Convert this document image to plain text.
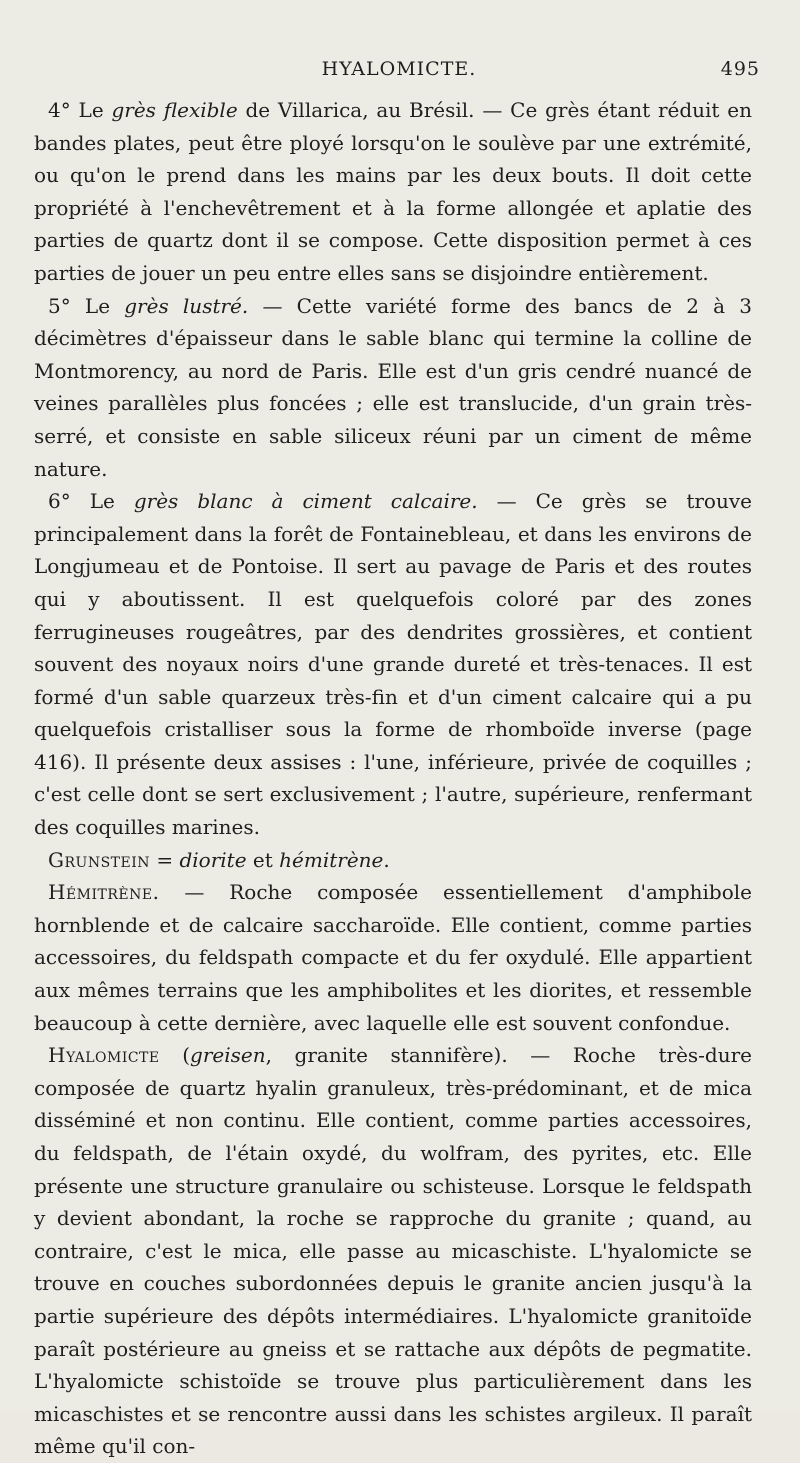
HYALOMICTE.	495

4° Le grès flexible de Villarica, au Brésil. — Ce grès étant réduit en bandes plates, peut être ployé lorsqu'on le soulève par une extrémité, ou qu'on le prend dans les mains par les deux bouts. Il doit cette propriété à l'enchevêtrement et à la forme allongée et aplatie des parties de quartz dont il se compose. Cette disposition permet à ces parties de jouer un peu entre elles sans se disjoindre entièrement.

5° Le grès lustré. — Cette variété forme des bancs de 2 à 3 décimètres d'épaisseur dans le sable blanc qui termine la colline de Montmorency, au nord de Paris. Elle est d'un gris cendré nuancé de veines parallèles plus foncées ; elle est translucide, d'un grain très-serré, et consiste en sable siliceux réuni par un ciment de même nature.

6° Le grès blanc à ciment calcaire. — Ce grès se trouve principalement dans la forêt de Fontainebleau, et dans les environs de Longjumeau et de Pontoise. Il sert au pavage de Paris et des routes qui y aboutissent. Il est quelquefois coloré par des zones ferrugineuses rougeâtres, par des dendrites grossières, et contient souvent des noyaux noirs d'une grande dureté et très-tenaces. Il est formé d'un sable quarzeux très-fin et d'un ciment calcaire qui a pu quelquefois cristalliser sous la forme de rhomboïde inverse (page 416). Il présente deux assises : l'une, inférieure, privée de coquilles ; c'est celle dont se sert exclusivement ; l'autre, supérieure, renfermant des coquilles marines.

Grunstein = diorite et hémitrène.

Hémitrène. — Roche composée essentiellement d'amphibole hornblende et de calcaire saccharoïde. Elle contient, comme parties accessoires, du feldspath compacte et du fer oxydulé. Elle appartient aux mêmes terrains que les amphibolites et les diorites, et ressemble beaucoup à cette dernière, avec laquelle elle est souvent confondue.

Hyalomicte (greisen, granite stannifère). — Roche très-dure composée de quartz hyalin granuleux, très-prédominant, et de mica disséminé et non continu. Elle contient, comme parties accessoires, du feldspath, de l'étain oxydé, du wolfram, des pyrites, etc. Elle présente une structure granulaire ou schisteuse. Lorsque le feldspath y devient abondant, la roche se rapproche du granite ; quand, au contraire, c'est le mica, elle passe au micaschiste. L'hyalomicte se trouve en couches subordonnées depuis le granite ancien jusqu'à la partie supérieure des dépôts intermédiaires. L'hyalomicte granitoïde paraît postérieure au gneiss et se rattache aux dépôts de pegmatite. L'hyalomicte schistoïde se trouve plus particulièrement dans les micaschistes et se rencontre aussi dans les schistes argileux. Il paraît même qu'il con-
